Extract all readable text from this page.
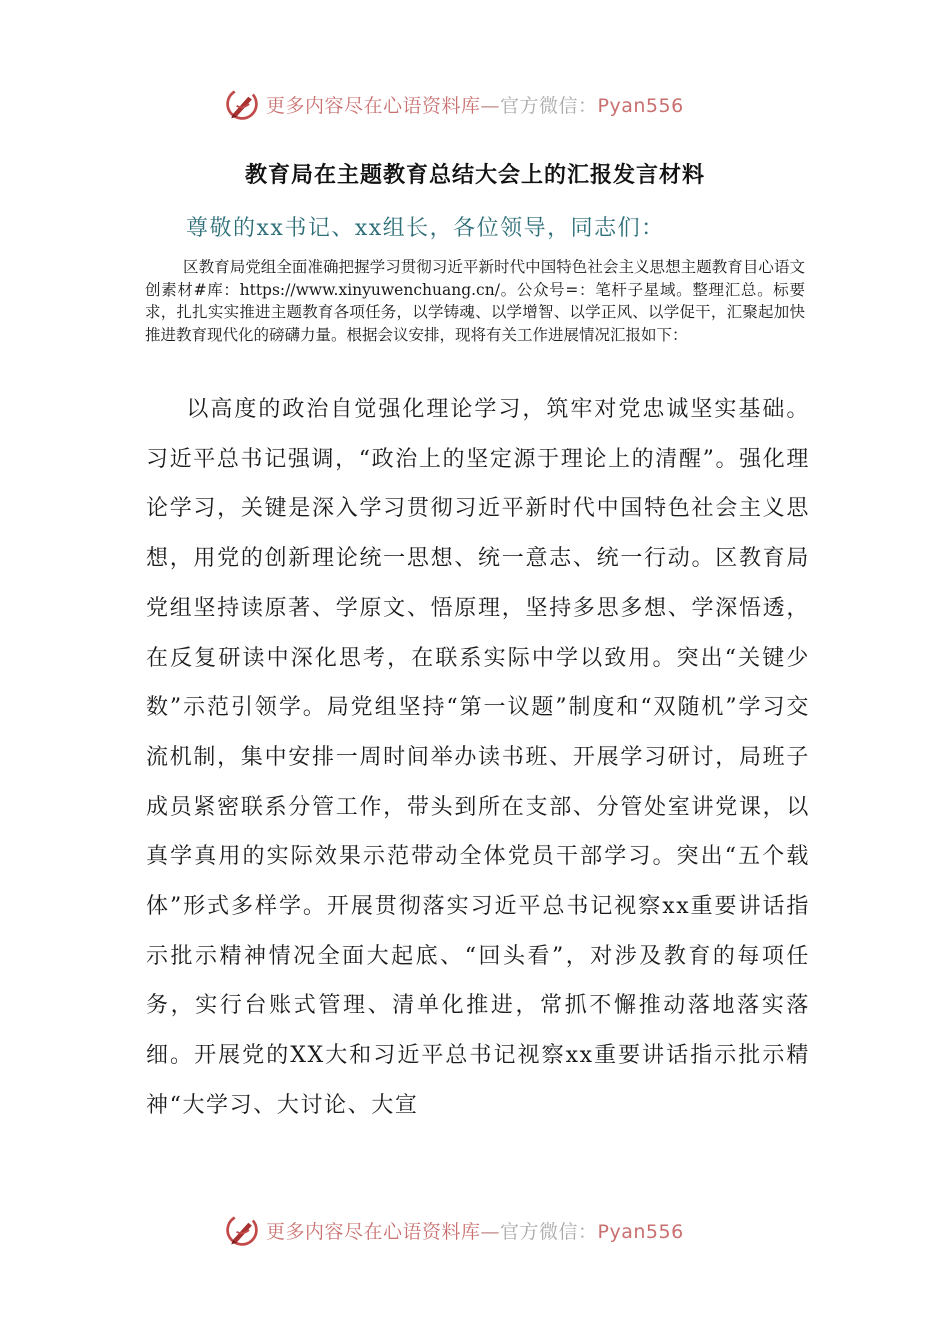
更多内容尽在心语资料库—官方微信：Pyan556
教育局在主题教育总结大会上的汇报发言材料
尊敬的xx书记、xx组长，各位领导，同志们：
区教育局党组全面准确把握学习贯彻习近平新时代中国特色社会主义思想主题教育目心语文创素材#库：https://www.xinyuwenchuang.cn/。公众号=：笔杆子星域。整理汇总。标要求，扎扎实实推进主题教育各项任务，以学铸魂、以学增智、以学正风、以学促干，汇聚起加快推进教育现代化的磅礴力量。根据会议安排，现将有关工作进展情况汇报如下：
以高度的政治自觉强化理论学习，筑牢对党忠诚坚实基础。习近平总书记强调，“政治上的坚定源于理论上的清醒”。强化理论学习，关键是深入学习贯彻习近平新时代中国特色社会主义思想，用党的创新理论统一思想、统一意志、统一行动。区教育局党组坚持读原著、学原文、悟原理，坚持多思多想、学深悟透，在反复研读中深化思考，在联系实际中学以致用。突出“关键少数”示范引领学。局党组坚持“第一议题”制度和“双随机”学习交流机制，集中安排一周时间举办读书班、开展学习研讨，局班子成员紧密联系分管工作，带头到所在支部、分管处室讲党课，以真学真用的实际效果示范带动全体党员干部学习。突出“五个载体”形式多样学。开展贯彻落实习近平总书记视察xx重要讲话指示批示精神情况全面大起底、“回头看”，对涉及教育的每项任务，实行台账式管理、清单化推进，常抓不懈推动落地落实落细。开展党的XX大和习近平总书记视察xx重要讲话指示批示精神“大学习、大讨论、大宣
更多内容尽在心语资料库—官方微信：Pyan556
